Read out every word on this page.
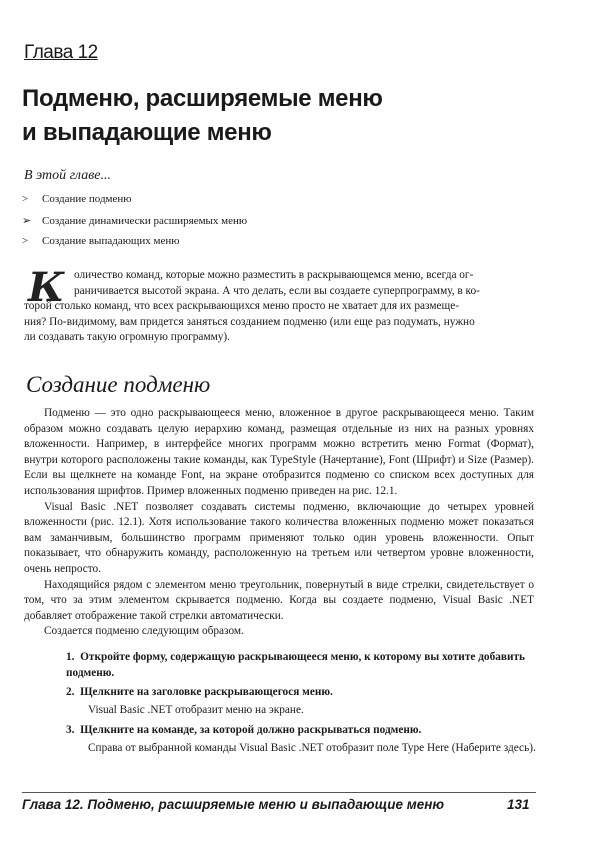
Глава 12
Подменю, расширяемые меню
и выпадающие меню
В этой главе...
> Создание подменю
➢ Создание динамически расширяемых меню
> Создание выпадающих меню
К оличество команд, которые можно разместить в раскрывающемся меню, всегда ог-
раничивается высотой экрана. А что делать, если вы создаете суперпрограмму, в ко-
торой столько команд, что всех раскрывающихся меню просто не хватает для их размеще-
ния? По-видимому, вам придется заняться созданием подменю (или еще раз подумать, нужно
ли создавать такую огромную программу).
Создание подменю

Подменю — это одно раскрывающееся меню, вложенное в другое раскрывающееся меню. Таким образом можно создавать целую иерархию команд, размещая отдельные из них на разных уровнях вложенности. Например, в интерфейсе многих программ можно встретить меню Format (Формат), внутри которого расположены такие команды, как TypeStyle (Начертание), Font (Шрифт) и Size (Размер). Если вы щелкнете на команде Font, на экране отобразится подменю со списком всех доступных для использования шрифтов. Пример вложенных подменю приведен на рис. 12.1.

Visual Basic .NET позволяет создавать системы подменю, включающие до четырех уровней вложенности (рис. 12.1). Хотя использование такого количества вложенных подменю может показаться вам заманчивым, большинство программ применяют только один уровень вложенности. Опыт показывает, что обнаружить команду, расположенную на третьем или четвертом уровне вложенности, очень непросто.

Находящийся рядом с элементом меню треугольник, повернутый в виде стрелки, свидетельствует о том, что за этим элементом скрывается подменю. Когда вы создаете подменю, Visual Basic .NET добавляет отображение такой стрелки автоматически.

Создается подменю следующим образом.

1. Откройте форму, содержащую раскрывающееся меню, к которому вы хотите добавить подменю.
2. Щелкните на заголовке раскрывающегося меню.
Visual Basic .NET отобразит меню на экране.
3. Щелкните на команде, за которой должно раскрываться подменю.
Справа от выбранной команды Visual Basic .NET отобразит поле Type Here (Наберите здесь).
Глава 12. Подменю, расширяемые меню и выпадающие меню	131
